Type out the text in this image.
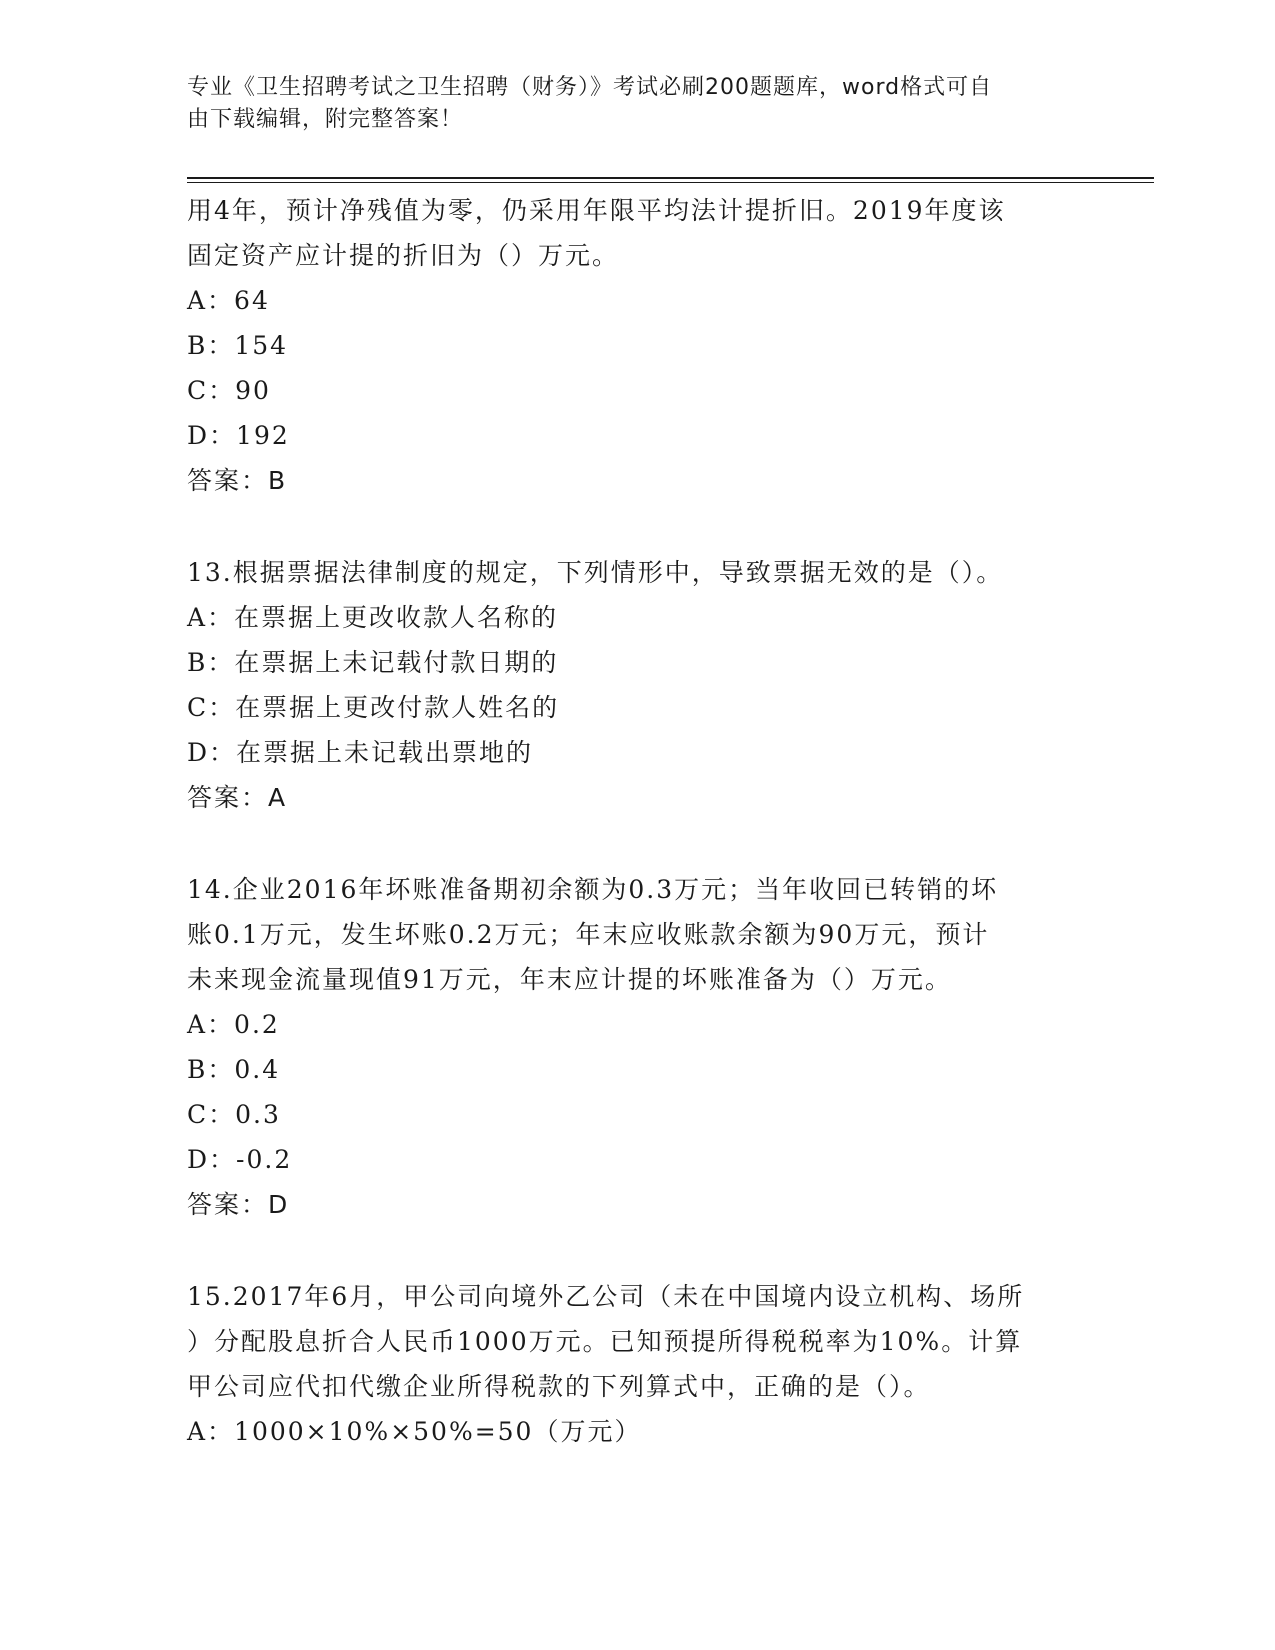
专业《卫生招聘考试之卫生招聘（财务）》考试必刷200题题库，word格式可自
由下载编辑，附完整答案！
用4年，预计净残值为零，仍采用年限平均法计提折旧。2019年度该
固定资产应计提的折旧为（）万元。
A：64
B：154
C：90
D：192
答案：B
13.根据票据法律制度的规定，下列情形中，导致票据无效的是（）。
A：在票据上更改收款人名称的
B：在票据上未记载付款日期的
C：在票据上更改付款人姓名的
D：在票据上未记载出票地的
答案：A
14.企业2016年坏账准备期初余额为0.3万元；当年收回已转销的坏
账0.1万元，发生坏账0.2万元；年末应收账款余额为90万元，预计
未来现金流量现值91万元，年末应计提的坏账准备为（）万元。
A：0.2
B：0.4
C：0.3
D：-0.2
答案：D
15.2017年6月，甲公司向境外乙公司（未在中国境内设立机构、场所
）分配股息折合人民币1000万元。已知预提所得税税率为10%。计算
甲公司应代扣代缴企业所得税款的下列算式中，正确的是（）。
A：1000×10%×50%=50（万元）
